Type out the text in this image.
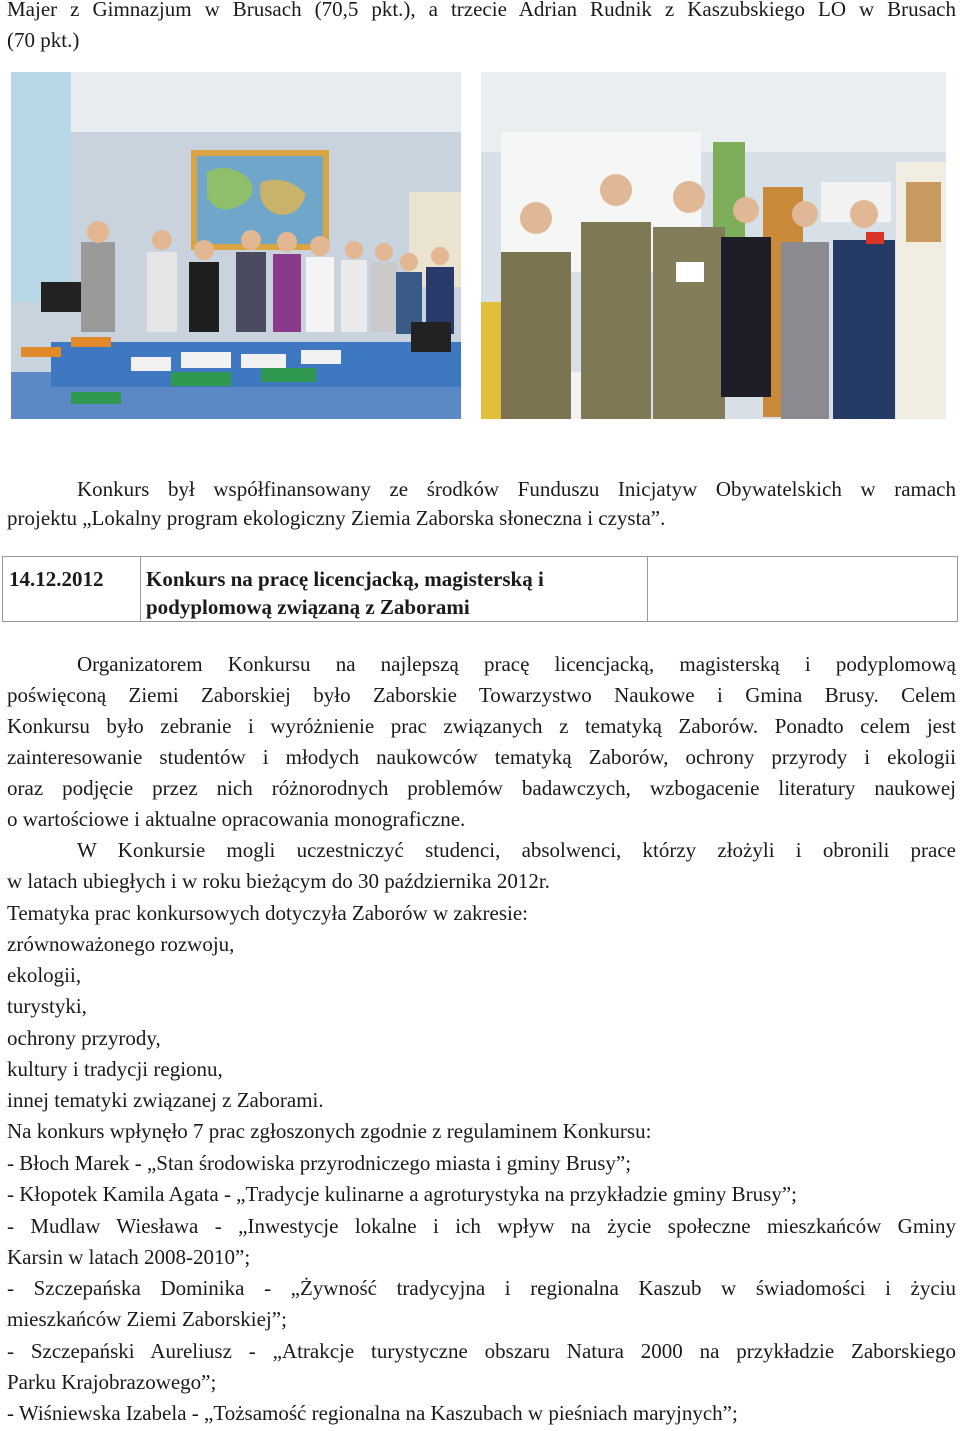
Majer z Gimnazjum w Brusach (70,5 pkt.), a trzecie Adrian Rudnik z Kaszubskiego LO w Brusach
(70 pkt.)
Konkurs był współfinansowany ze środków Funduszu Inicjatyw Obywatelskich w ramach
projektu „Lokalny program ekologiczny Ziemia Zaborska słoneczna i czysta”.
14.12.2012 Konkurs na pracę licencjacką, magisterską i
podyplomową związaną z Zaborami
Organizatorem Konkursu na najlepszą pracę licencjacką, magisterską i podyplomową
poświęconą Ziemi Zaborskiej było Zaborskie Towarzystwo Naukowe i Gmina Brusy. Celem
Konkursu było zebranie i wyróżnienie prac związanych z tematyką Zaborów. Ponadto celem jest
zainteresowanie studentów i młodych naukowców tematyką Zaborów, ochrony przyrody i ekologii
oraz podjęcie przez nich różnorodnych problemów badawczych, wzbogacenie literatury naukowej
o wartościowe i aktualne opracowania monograficzne.
W Konkursie mogli uczestniczyć studenci, absolwenci, którzy złożyli i obronili prace
w latach ubiegłych i w roku bieżącym do 30 października 2012r.
Tematyka prac konkursowych dotyczyła Zaborów w zakresie:
zrównoważonego rozwoju,
ekologii,
turystyki,
ochrony przyrody,
kultury i tradycji regionu,
innej tematyki związanej z Zaborami.
Na konkurs wpłynęło 7 prac zgłoszonych zgodnie z regulaminem Konkursu:
- Błoch Marek - „Stan środowiska przyrodniczego miasta i gminy Brusy”;
- Kłopotek Kamila Agata - „Tradycje kulinarne a agroturystyka na przykładzie gminy Brusy”;
- Mudlaw Wiesława - „Inwestycje lokalne i ich wpływ na życie społeczne mieszkańców Gminy
Karsin w latach 2008-2010”;
- Szczepańska Dominika - „Żywność tradycyjna i regionalna Kaszub w świadomości i życiu
mieszkańców Ziemi Zaborskiej”;
- Szczepański Aureliusz - „Atrakcje turystyczne obszaru Natura 2000 na przykładzie Zaborskiego
Parku Krajobrazowego”;
- Wiśniewska Izabela - „Tożsamość regionalna na Kaszubach w pieśniach maryjnych”;
